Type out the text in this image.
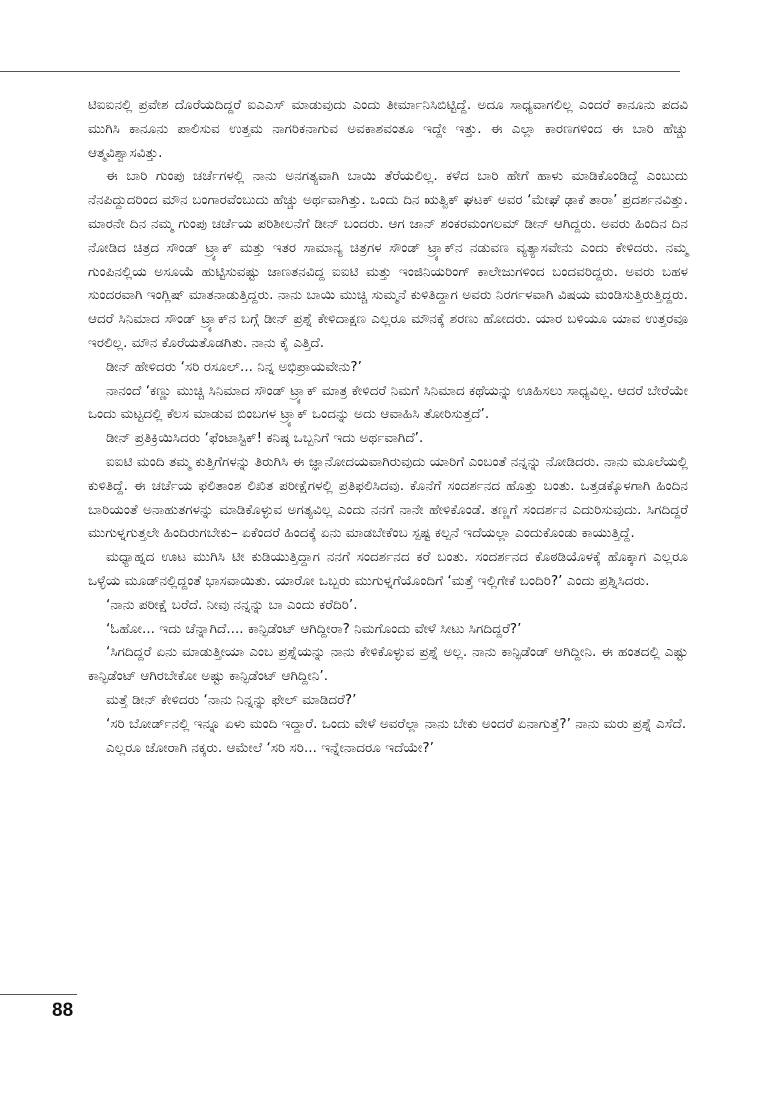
ಟಿಐಐನಲ್ಲಿ ಪ್ರವೇಶ ದೊರೆಯದಿದ್ದರೆ ಐಎಎಸ್ ಮಾಡುವುದು ಎಂದು ತೀರ್ಮಾನಿಸಿಬಿಟ್ಟಿದ್ದೆ. ಅದೂ ಸಾಧ್ಯವಾಗಲಿಲ್ಲ ಎಂದರೆ ಕಾನೂನು ಪದವಿ ಮುಗಿಸಿ ಕಾನೂನು ಪಾಲಿಸುವ ಉತ್ತಮ ನಾಗರಿಕನಾಗುವ ಅವಕಾಶವಂತೂ ಇದ್ದೇ ಇತ್ತು. ಈ ಎಲ್ಲಾ ಕಾರಣಗಳಿಂದ ಈ ಬಾರಿ ಹೆಚ್ಚು ಆತ್ಮವಿಶ್ವಾಸವಿತ್ತು.

ಈ ಬಾರಿ ಗುಂಪು ಚರ್ಚೆಗಳಲ್ಲಿ ನಾನು ಅನಗತ್ಯವಾಗಿ ಬಾಯಿ ತೆರೆಯಲಿಲ್ಲ. ಕಳೆದ ಬಾರಿ ಹೇಗೆ ಹಾಳು ಮಾಡಿಕೊಂಡಿದ್ದೆ ಎಂಬುದು ನೆನಪಿದ್ದುದರಿಂದ ಮೌನ ಬಂಗಾರವೆಂಬುದು ಹೆಚ್ಚು ಅರ್ಥವಾಗಿತ್ತು. ಒಂದು ದಿನ ಋತ್ವಿಕ್ ಘಟಕ್ ಅವರ ‘ಮೇಘೆ ಢಾಕೆ ತಾರಾ’ ಪ್ರದರ್ಶನವಿತ್ತು. ಮಾರನೇ ದಿನ ನಮ್ಮ ಗುಂಪು ಚರ್ಚೆಯ ಪರಿಶೀಲನೆಗೆ ಡೀನ್ ಬಂದರು. ಆಗ ಜಾನ್ ಶಂಕರಮಂಗಲಮ್ ಡೀನ್ ಆಗಿದ್ದರು. ಅವರು ಹಿಂದಿನ ದಿನ ನೋಡಿದ ಚಿತ್ರದ ಸೌಂಡ್ ಟ್ರ್ಯಾಕ್ ಮತ್ತು ಇತರ ಸಾಮಾನ್ಯ ಚಿತ್ರಗಳ ಸೌಂಡ್ ಟ್ರ್ಯಾಕ್‌ನ ನಡುವಣ ವ್ಯತ್ಯಾಸವೇನು ಎಂದು ಕೇಳಿದರು. ನಮ್ಮ ಗುಂಪಿನಲ್ಲಿಯ ಅಸೂಯೆ ಹುಟ್ಟಿಸುವಷ್ಟು ಜಾಣತನವಿದ್ದ ಐಐಟಿ ಮತ್ತು ಇಂಜಿನಿಯರಿಂಗ್ ಕಾಲೇಜುಗಳಿಂದ ಬಂದವರಿದ್ದರು. ಅವರು ಬಹಳ ಸುಂದರವಾಗಿ ಇಂಗ್ಲಿಷ್ ಮಾತನಾಡುತ್ತಿದ್ದರು. ನಾನು ಬಾಯಿ ಮುಚ್ಚಿ ಸುಮ್ಮನೆ ಕುಳಿತಿದ್ದಾಗ ಅವರು ನಿರರ್ಗಳವಾಗಿ ವಿಷಯ ಮಂಡಿಸುತ್ತಿರುತ್ತಿದ್ದರು. ಆದರೆ ಸಿನಿಮಾದ ಸೌಂಡ್ ಟ್ರ್ಯಾಕ್‌ನ ಬಗ್ಗೆ ಡೀನ್ ಪ್ರಶ್ನೆ ಕೇಳಿದಾಕ್ಷಣ ಎಲ್ಲರೂ ಮೌನಕ್ಕೆ ಶರಣು ಹೋದರು. ಯಾರ ಬಳಿಯೂ ಯಾವ ಉತ್ತರವೂ ಇರಲಿಲ್ಲ. ಮೌನ ಕೊರೆಯತೊಡಗಿತು. ನಾನು ಕೈ ಎತ್ತಿದೆ.

ಡೀನ್ ಹೇಳಿದರು ‘ಸರಿ ರಸೂಲ್... ನಿನ್ನ ಅಭಿಪ್ರಾಯವೇನು?’

ನಾನಂದೆ ‘ಕಣ್ಣು ಮುಚ್ಚಿ ಸಿನಿಮಾದ ಸೌಂಡ್ ಟ್ರ್ಯಾಕ್ ಮಾತ್ರ ಕೇಳಿದರೆ ನಿಮಗೆ ಸಿನಿಮಾದ ಕಥೆಯನ್ನು ಊಹಿಸಲು ಸಾಧ್ಯವಿಲ್ಲ. ಆದರೆ ಬೇರೆಯೇ ಒಂದು ಮಟ್ಟದಲ್ಲಿ ಕೆಲಸ ಮಾಡುವ ಬಿಂಬಗಳ ಟ್ರ್ಯಾಕ್ ಒಂದನ್ನು ಅದು ಆವಾಹಿಸಿ ತೋರಿಸುತ್ತದೆ’.

ಡೀನ್ ಪ್ರತಿಕ್ರಿಯಿಸಿದರು ‘ಫೆಂಟಾಸ್ಟಿಕ್! ಕನಿಷ್ಠ ಒಬ್ಬನಿಗೆ ಇದು ಅರ್ಥವಾಗಿದೆ’.

ಐಐಟಿ ಮಂದಿ ತಮ್ಮ ಕುತ್ತಿಗೆಗಳನ್ನು ತಿರುಗಿಸಿ ಈ ಜ್ಞಾನೋದಯವಾಗಿರುವುದು ಯಾರಿಗೆ ಎಂಬಂತೆ ನನ್ನನ್ನು ನೋಡಿದರು. ನಾನು ಮೂಲೆಯಲ್ಲಿ ಕುಳಿತಿದ್ದೆ. ಈ ಚರ್ಚೆಯ ಫಲಿತಾಂಶ ಲಿಖಿತ ಪರೀಕ್ಷೆಗಳಲ್ಲಿ ಪ್ರತಿಫಲಿಸಿದವು. ಕೊನೆಗೆ ಸಂದರ್ಶನದ ಹೊತ್ತು ಬಂತು. ಒತ್ತಡಕ್ಕೊಳಗಾಗಿ ಹಿಂದಿನ ಬಾರಿಯಂತೆ ಅನಾಹುತಗಳನ್ನು ಮಾಡಿಕೊಳ್ಳುವ ಅಗತ್ಯವಿಲ್ಲ ಎಂದು ನನಗೆ ನಾನೇ ಹೇಳಿಕೊಂಡೆ. ತಣ್ಣಗೆ ಸಂದರ್ಶನ ಎದುರಿಸುವುದು. ಸಿಗದಿದ್ದರೆ ಮುಗುಳ್ನಗುತ್ತಲೇ ಹಿಂದಿರುಗಬೇಕು– ಏಕೆಂದರೆ ಹಿಂದಕ್ಕೆ ಏನು ಮಾಡಬೇಕೆಂಬ ಸ್ಪಷ್ಟ ಕಲ್ಪನೆ ಇದೆಯಲ್ಲಾ ಎಂದುಕೊಂಡು ಕಾಯುತ್ತಿದ್ದೆ.

ಮಧ್ಯಾಹ್ನದ ಊಟ ಮುಗಿಸಿ ಟೀ ಕುಡಿಯುತ್ತಿದ್ದಾಗ ನನಗೆ ಸಂದರ್ಶನದ ಕರೆ ಬಂತು. ಸಂದರ್ಶನದ ಕೊಠಡಿಯೊಳಕ್ಕೆ ಹೊಕ್ಕಾಗ ಎಲ್ಲರೂ ಒಳ್ಳೆಯ ಮೂಡ್‌ನಲ್ಲಿದ್ದಂತೆ ಭಾಸವಾಯಿತು. ಯಾರೋ ಒಬ್ಬರು ಮುಗುಳ್ನಗೆಯೊಂದಿಗೆ ‘ಮತ್ತೆ ಇಲ್ಲಿಗೇಕೆ ಬಂದಿರಿ?’ ಎಂದು ಪ್ರಶ್ನಿಸಿದರು.

‘ನಾನು ಪರೀಕ್ಷೆ ಬರೆದೆ. ನೀವು ನನ್ನನ್ನು ಬಾ ಎಂದು ಕರೆದಿರಿ’.

‘ಓಹೋ... ಇದು ಚೆನ್ನಾಗಿದೆ.... ಕಾನ್ಫಿಡೆಂಟ್ ಆಗಿದ್ದೀರಾ? ನಿಮಗೊಂದು ವೇಳೆ ಸೀಟು ಸಿಗದಿದ್ದರೆ?’

‘ಸಿಗದಿದ್ದರೆ ಏನು ಮಾಡುತ್ತೀಯಾ ಎಂಬ ಪ್ರಶ್ನೆಯನ್ನು ನಾನು ಕೇಳಿಕೊಳ್ಳುವ ಪ್ರಶ್ನೆ ಅಲ್ಲ. ನಾನು ಕಾನ್ಫಿಡೆಂಡ್ ಆಗಿದ್ದೀನಿ. ಈ ಹಂತದಲ್ಲಿ ಎಷ್ಟು ಕಾನ್ಫಿಡೆಂಟ್ ಆಗಿರಬೇಕೋ ಅಷ್ಟು ಕಾನ್ಫಿಡೆಂಟ್ ಆಗಿದ್ದೀನಿ’.

ಮತ್ತೆ ಡೀನ್ ಕೇಳಿದರು ‘ನಾನು ನಿನ್ನನ್ನು ಫೇಲ್ ಮಾಡಿದರೆ?’

‘ಸರಿ ಬೋರ್ಡ್‌ನಲ್ಲಿ ಇನ್ನೂ ಏಳು ಮಂದಿ ಇದ್ದಾರೆ. ಒಂದು ವೇಳೆ ಅವರೆಲ್ಲಾ ನಾನು ಬೇಕು ಅಂದರೆ ಏನಾಗುತ್ತೆ?’ ನಾನು ಮರು ಪ್ರಶ್ನೆ ಎಸೆದೆ.

ಎಲ್ಲರೂ ಜೋರಾಗಿ ನಕ್ಕರು. ಆಮೇಲೆ ‘ಸರಿ ಸರಿ... ಇನ್ನೇನಾದರೂ ಇದೆಯೇ?’

88
